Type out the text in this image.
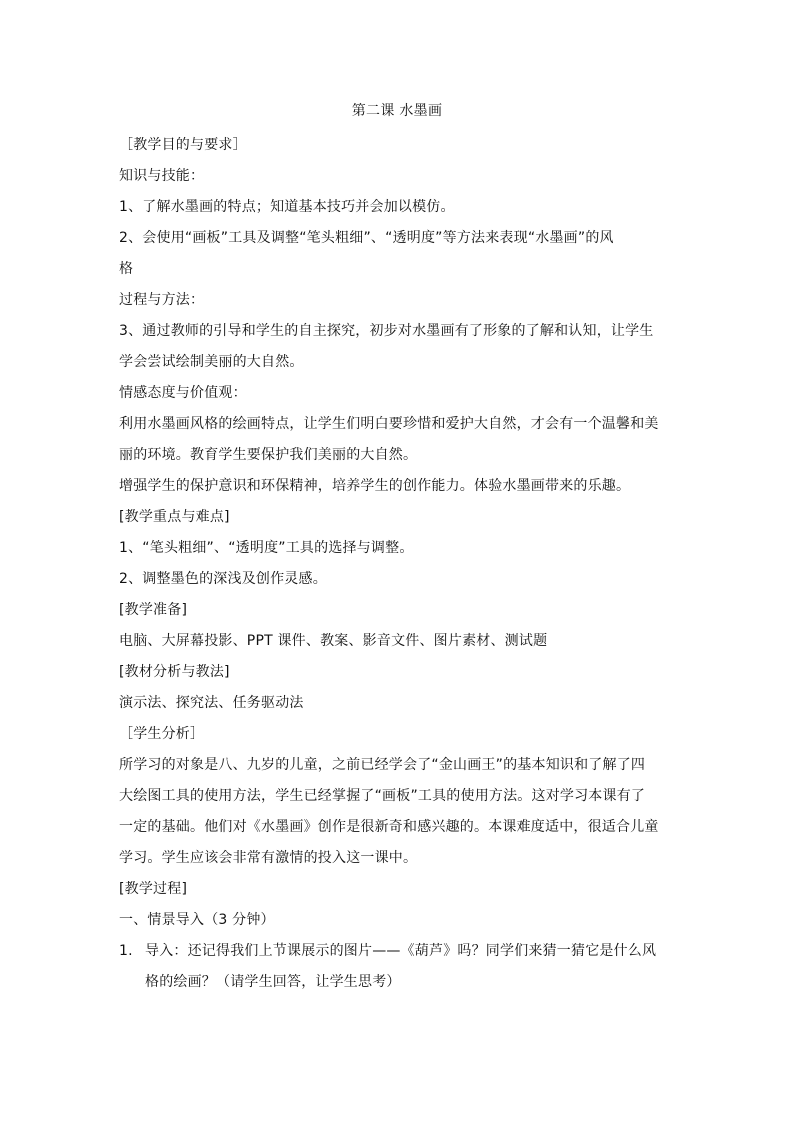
第二课 水墨画
［教学目的与要求］
知识与技能：
1、了解水墨画的特点；知道基本技巧并会加以模仿。
2、会使用“画板”工具及调整“笔头粗细”、“透明度”等方法来表现“水墨画”的风
格
过程与方法：
3、通过教师的引导和学生的自主探究，初步对水墨画有了形象的了解和认知，让学生
学会尝试绘制美丽的大自然。
情感态度与价值观：
利用水墨画风格的绘画特点，让学生们明白要珍惜和爱护大自然，才会有一个温馨和美
丽的环境。教育学生要保护我们美丽的大自然。
增强学生的保护意识和环保精神，培养学生的创作能力。体验水墨画带来的乐趣。
[教学重点与难点]
1、“笔头粗细”、“透明度”工具的选择与调整。
2、调整墨色的深浅及创作灵感。
[教学准备]
电脑、大屏幕投影、PPT 课件、教案、影音文件、图片素材、测试题
[教材分析与教法]
演示法、探究法、任务驱动法
［学生分析］
所学习的对象是八、九岁的儿童，之前已经学会了“金山画王”的基本知识和了解了四
大绘图工具的使用方法，学生已经掌握了“画板”工具的使用方法。这对学习本课有了
一定的基础。他们对《水墨画》创作是很新奇和感兴趣的。本课难度适中，很适合儿童
学习。学生应该会非常有激情的投入这一课中。
[教学过程]
一、情景导入（3 分钟）
1. 导入：还记得我们上节课展示的图片——《葫芦》吗？同学们来猜一猜它是什么风
格的绘画？（请学生回答，让学生思考）
